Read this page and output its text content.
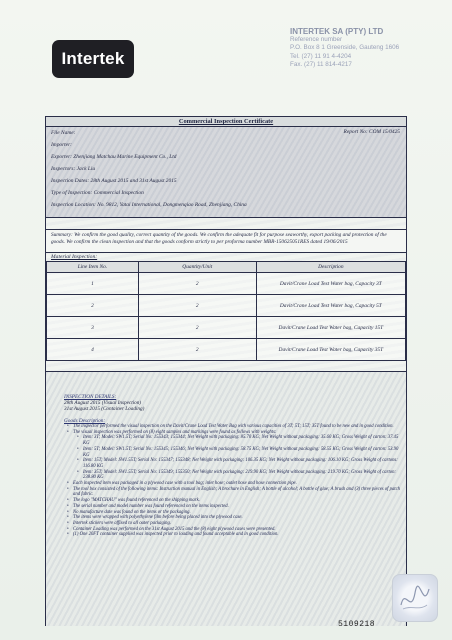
Intertek
INTERTEK SA (PTY) LTD
Reference number
P.O. Box 8 1 Greenside, Gauteng 1606
Tel. (27) 11 91 4-4204
Fax. (27) 11 814-4217
Commercial Inspection Certificate
Report No: COM 15/0425
File Name:
Importer:
Exporter: Zhenjiang Matchau Marine Equipment Co., Ltd
Inspectors: Jack Liu
Inspection Dates: 28th August 2015 and 31st August 2015
Type of Inspection: Commercial Inspection
Inspection Location: No. 9812, Yatai International, Dongmenqiao Road, Zhenjiang, China

Summary: We confirm the good quality, correct quantity of the goods. We confirm the adequate fit for purpose seaworthy, export packing and protection of the goods. We confirm the clean inspection and that the goods conform strictly to per proforma number MBR-150625051RES dated 19/06/2015

Material Inspection:
Line Item No.	Quantity/Unit	Description
1	2	Davit/Crane Load Test Water bag, Capacity 3T
2	2	Davit/Crane Load Test Water bag, Capacity 5T
3	2	Davit/Crane Load Test Water bag, Capacity 15T
4	2	Davit/Crane Load Test Water bag, Capacity 35T
INSPECTION DETAILS:
28th August 2015 (Visual Inspection)
31st August 2015 (Container Loading)
Goods Description:
• The inspector performed the visual inspection on the Davit/Crane Load Test Water Bag with various capacities of 3T; 5T; 15T; 35T found to be new and in good condition.
• The visual inspection was performed on (8) eight samples and markings were found as follows with weights:
• Item: 3T; Model: SW1.5T; Serial No: 155343; 155344; Net Weight with packaging: 85.70 KG; Net Weight without packaging: 35.60 KG; Gross Weight of carton: 37.45 KG
• Item: 5T; Model: SW1.5T; Serial No: 155345; 155346; Net Weight with packaging: 58.75 KG; Net Weight without packaging: 58.55 KG; Gross Weight of carton: 53.90 KG
• Item: 15T; Model: SW1.55T; Serial No: 155347; 155348; Net Weight with packaging: 106.35 KG; Net Weight without packaging: 106.10 KG; Gross Weight of cartons: 116.80 KG
• Item: 35T; Model: SW1.55T; Serial No: 155349; 155350; Net Weight with packaging: 219.90 KG; Net Weight without packaging: 219.70 KG; Gross Weight of carton: 238.80 KG
• Each inspected item was packaged in a plywood case with a tool bag; inlet hose; outlet hose and hose connection pipe.
• The tool box consisted of the following items: Instruction manual in English; A brochure in English; A bottle of alcohol; A bottle of glue; A brush and (3) three pieces of patch and fabric.
• The logo "MATCHAU" was found referenced on the shipping mark.
• The serial number and model number was found referenced on the items inspected.
• No manufacture date was found on the items or the packaging.
• The items were wrapped with polyethylene film before being placed into the plywood case.
• Intertek stickers were affixed to all outer packaging.
• Container Loading was performed on the 31st August 2015 and the (8) eight plywood cases were presented.
• (1) One 20FT container supplied was inspected prior to loading and found acceptable and in good condition.
5109218
